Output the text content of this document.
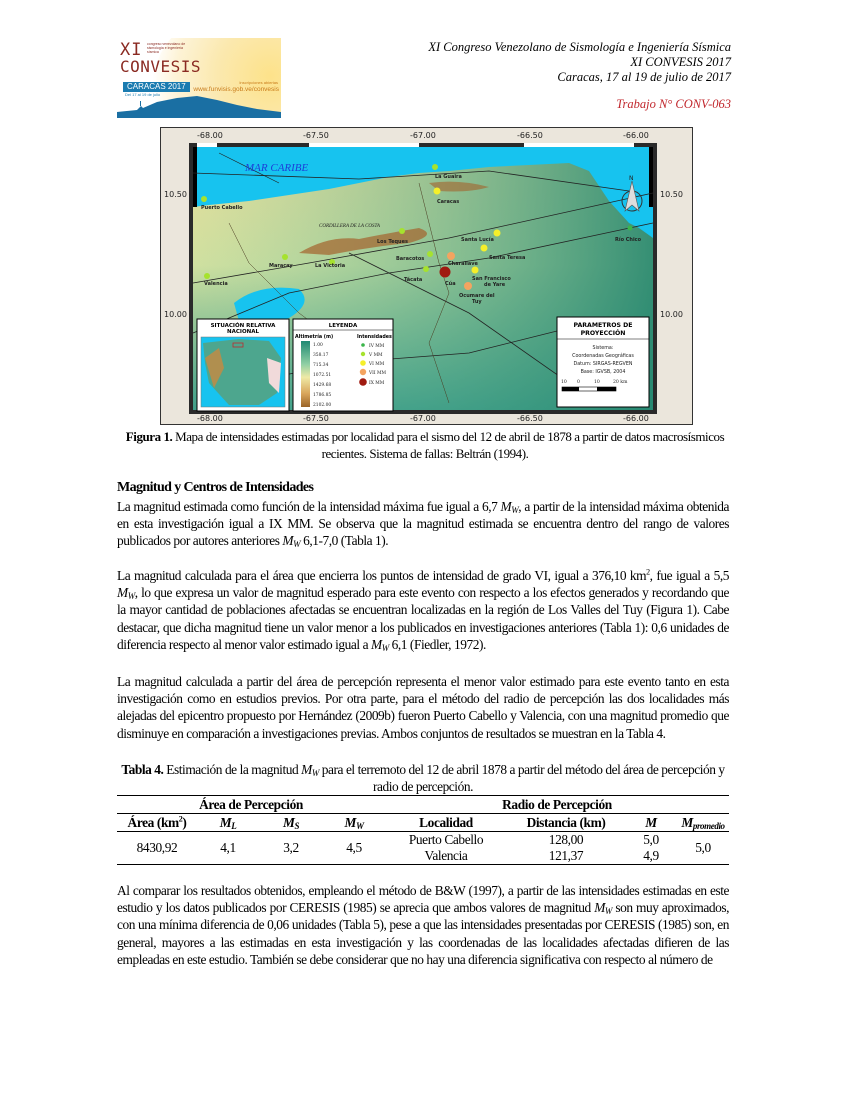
XI congreso venezolano de sismología e ingeniería sísmica
CONVESIS
CARACAS 2017
Del 17 al 19 de julio
Inscripciones abiertas
www.funvisis.gob.ve/convesis
XI Congreso Venezolano de Sismología e Ingeniería Sísmica
XI CONVESIS 2017
Caracas, 17 al 19 de julio de 2017
Trabajo N° CONV-063
-68.00	-67.50	-67.00	-66.50	-66.00
-68.00	-67.50	-67.00	-66.50	-66.00
10.50
10.00
10.50
10.00
MAR CARIBE
CORDILLERA DE LA COSTA
N
Puerto Cabello
Valencia
Maracay	La Victoria
Los Teques
Baracotos
Tácata
La Guaira
Caracas
Santa Lucía
Santa Teresa
San Francisco
de Yare
Charallave
Ocumare del
Tuy
Cúa
Río Chico
SITUACIÓN RELATIVA
NACIONAL
LEYENDA
Altimetría (m)	Intensidades
1.00
358.17
715.34
1072.51
1429.68
1786.85
2102.00
IV MM
V MM
VI MM
VII MM
IX MM
PARAMETROS DE
PROYECCIÓN
Sistema:
Coordenadas Geográficas
Datum: SIRGAS-REGVEN
Base: IGVSB, 2004
10 0	10	20 km
Figura 1. Mapa de intensidades estimadas por localidad para el sismo del 12 de abril de 1878 a partir de datos macrosísmicos recientes. Sistema de fallas: Beltrán (1994).
Magnitud y Centros de Intensidades
La magnitud estimada como función de la intensidad máxima fue igual a 6,7 $M_W$, a partir de la intensidad máxima obtenida en esta investigación igual a IX MM. Se observa que la magnitud estimada se encuentra dentro del rango de valores publicados por autores anteriores $M_W$ 6,1-7,0 (Tabla 1).
La magnitud calculada para el área que encierra los puntos de intensidad de grado VI, igual a 376,10 $km^2$, fue igual a 5,5 $M_W$, lo que expresa un valor de magnitud esperado para este evento con respecto a los efectos generados y recordando que la mayor cantidad de poblaciones afectadas se encuentran localizadas en la región de Los Valles del Tuy (Figura 1). Cabe destacar, que dicha magnitud tiene un valor menor a los publicados en investigaciones anteriores (Tabla 1): 0,6 unidades de diferencia respecto al menor valor estimado igual a $M_W$ 6,1 (Fiedler, 1972).
La magnitud calculada a partir del área de percepción representa el menor valor estimado para este evento tanto en esta investigación como en estudios previos. Por otra parte, para el método del radio de percepción las dos localidades más alejadas del epicentro propuesto por Hernández (2009b) fueron Puerto Cabello y Valencia, con una magnitud promedio que disminuye en comparación a investigaciones previas. Ambos conjuntos de resultados se muestran en la Tabla 4.
Tabla 4. Estimación de la magnitud $M_W$ para el terremoto del 12 de abril 1878 a partir del método del área de percepción y radio de percepción.
Área de Percepción				Radio de Percepción			
Área $(km^2)$	$M_L$	$M_S$	$M_W$	Localidad	Distancia (km)	M	$M_{promedio}$
8430,92	4,1	3,2	4,5	Puerto Cabello	128,00	5,0	5,0
				Valencia	121,37	4,9	
Al comparar los resultados obtenidos, empleando el método de B&W (1997), a partir de las intensidades estimadas en este estudio y los datos publicados por CERESIS (1985) se aprecia que ambos valores de magnitud $M_W$ son muy aproximados, con una mínima diferencia de 0,06 unidades (Tabla 5), pese a que las intensidades presentadas por CERESIS (1985) son, en general, mayores a las estimadas en esta investigación y las coordenadas de las localidades afectadas difieren de las empleadas en este estudio. También se debe considerar que no hay una diferencia significativa con respecto al número de
